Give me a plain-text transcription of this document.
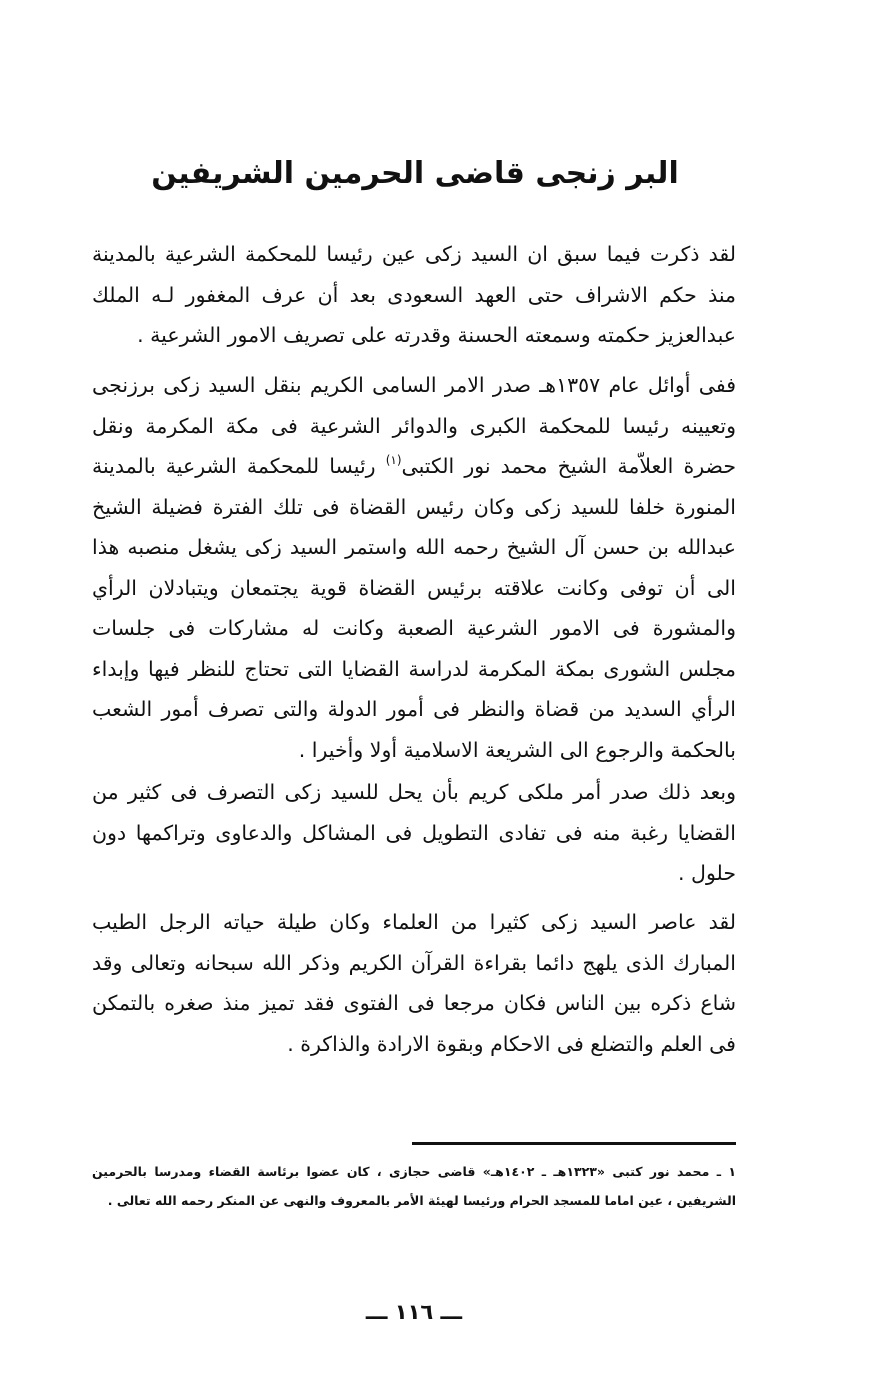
البر زنجى قاضى الحرمين الشريفين

لقد ذكرت فيما سبق ان السيد زكى عين رئيسا للمحكمة الشرعية بالمدينة منذ حكم الاشراف حتى العهد السعودى بعد أن عرف المغفور لـه الملك عبدالعزيز حكمته وسمعته الحسنة وقدرته على تصريف الامور الشرعية .

ففى أوائل عام ١٣٥٧هـ صدر الامر السامى الكريم بنقل السيد زكى برزنجى وتعيينه رئيسا للمحكمة الكبرى والدوائر الشرعية فى مكة المكرمة ونقل حضرة العلاّمة الشيخ محمد نور الكتبى$^{(١)}$ رئيسا للمحكمة الشرعية بالمدينة المنورة خلفا للسيد زكى وكان رئيس القضاة فى تلك الفترة فضيلة الشيخ عبدالله بن حسن آل الشيخ رحمه الله واستمر السيد زكى يشغل منصبه هذا الى أن توفى وكانت علاقته برئيس القضاة قوية يجتمعان ويتبادلان الرأي والمشورة فى الامور الشرعية الصعبة وكانت له مشاركات فى جلسات مجلس الشورى بمكة المكرمة لدراسة القضايا التى تحتاج للنظر فيها وإبداء الرأي السديد من قضاة والنظر فى أمور الدولة والتى تصرف أمور الشعب بالحكمة والرجوع الى الشريعة الاسلامية أولا وأخيرا .

وبعد ذلك صدر أمر ملكى كريم بأن يحل للسيد زكى التصرف فى كثير من القضايا رغبة منه فى تفادى التطويل فى المشاكل والدعاوى وتراكمها دون حلول .

لقد عاصر السيد زكى كثيرا من العلماء وكان طيلة حياته الرجل الطيب المبارك الذى يلهج دائما بقراءة القرآن الكريم وذكر الله سبحانه وتعالى وقد شاع ذكره بين الناس فكان مرجعا فى الفتوى فقد تميز منذ صغره بالتمكن فى العلم والتضلع فى الاحكام وبقوة الارادة والذاكرة .

١ ـ محمد نور كتبى «١٣٢٣هـ ـ ١٤٠٢هـ» قاضى حجازى ، كان عضوا برئاسة القضاء ومدرسا بالحرمين الشريفين ، عين اماما للمسجد الحرام ورئيسا لهيئة الأمر بالمعروف والنهى عن المنكر رحمه الله تعالى .

ـــ ١١٦ ـــ
